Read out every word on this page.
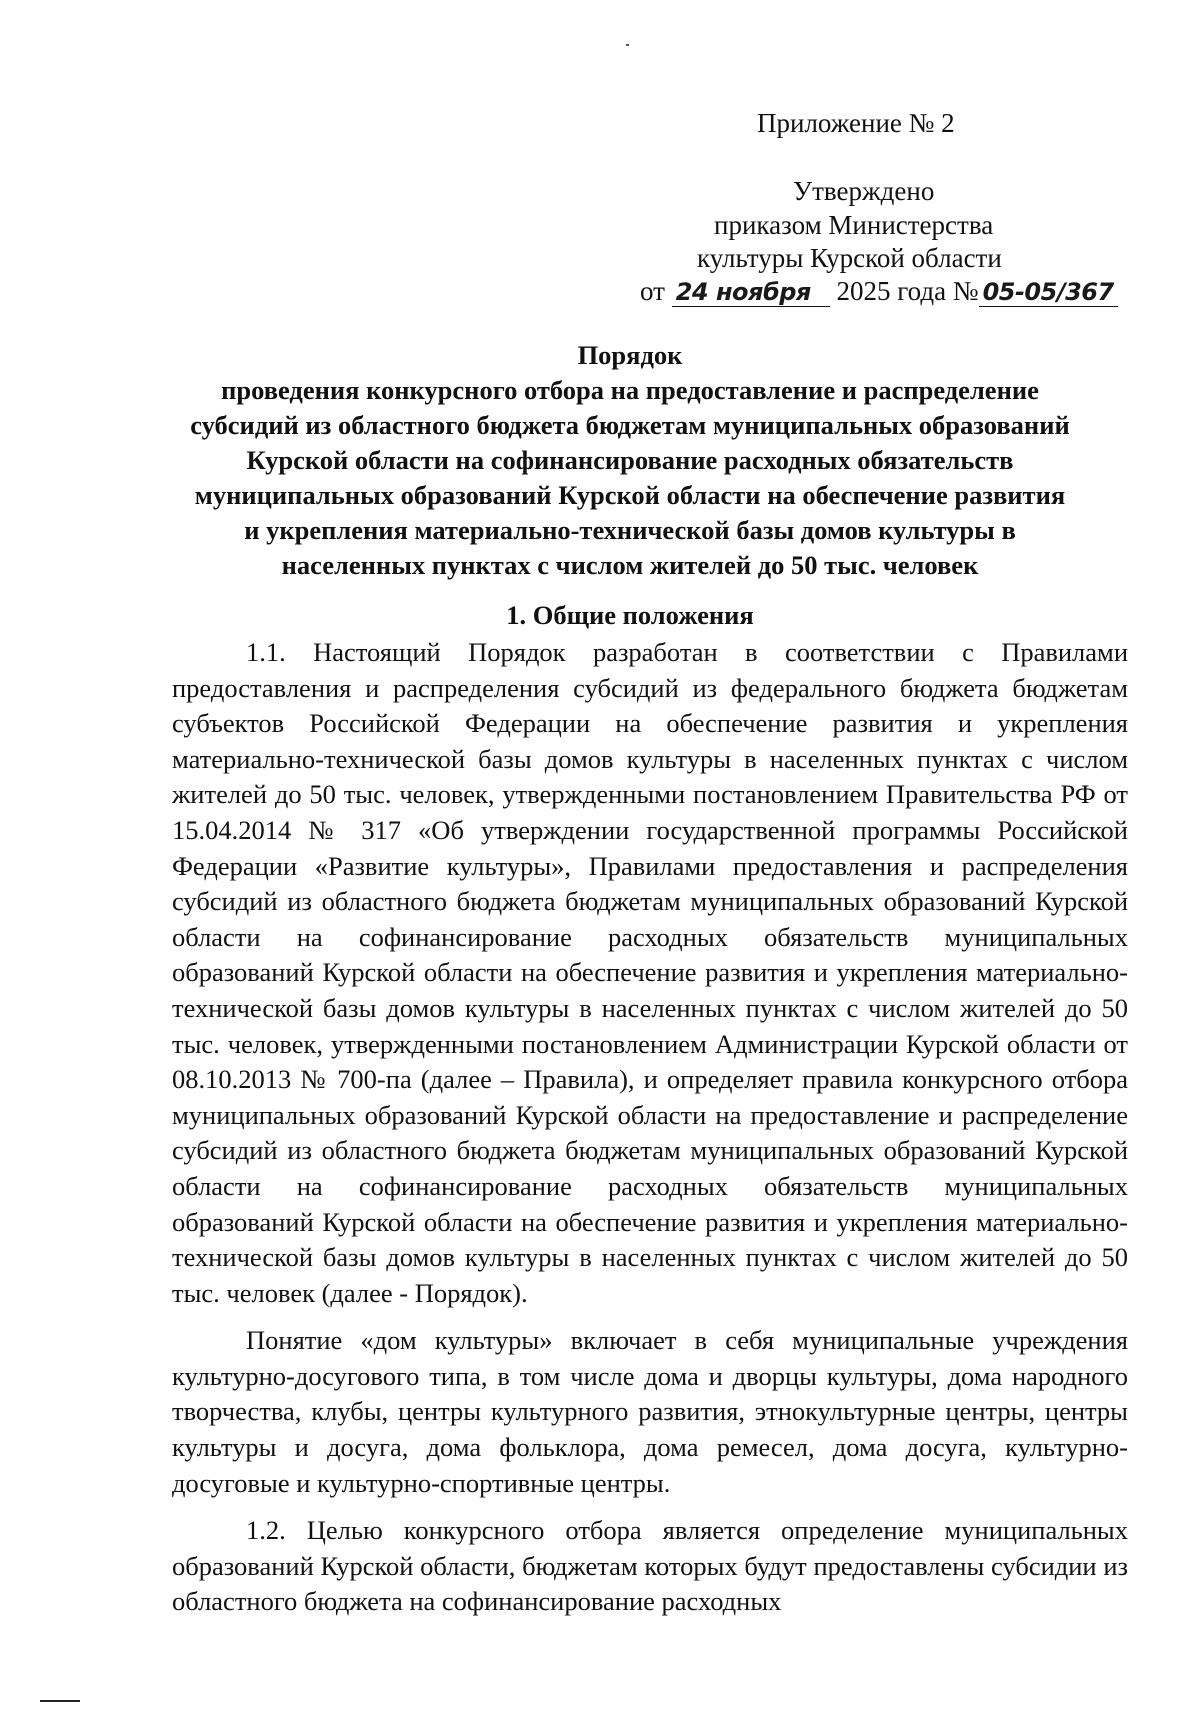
Приложение № 2
Утверждено
приказом Министерства
культуры Курской области
от 24 ноября 2025 года № 05-05/367
Порядок
проведения конкурсного отбора на предоставление и распределение
субсидий из областного бюджета бюджетам муниципальных образований
Курской области на софинансирование расходных обязательств
муниципальных образований Курской области на обеспечение развития
и укрепления материально-технической базы домов культуры в
населенных пунктах с числом жителей до 50 тыс. человек
1. Общие положения

1.1. Настоящий Порядок разработан в соответствии с Правилами предоставления и распределения субсидий из федерального бюджета бюджетам субъектов Российской Федерации на обеспечение развития и укрепления материально-технической базы домов культуры в населенных пунктах с числом жителей до 50 тыс. человек, утвержденными постановлением Правительства РФ от 15.04.2014 № 317 «Об утверждении государственной программы Российской Федерации «Развитие культуры», Правилами предоставления и распределения субсидий из областного бюджета бюджетам муниципальных образований Курской области на софинансирование расходных обязательств муниципальных образований Курской области на обеспечение развития и укрепления материально-технической базы домов культуры в населенных пунктах с числом жителей до 50 тыс. человек, утвержденными постановлением Администрации Курской области от 08.10.2013 № 700-па (далее – Правила), и определяет правила конкурсного отбора муниципальных образований Курской области на предоставление и распределение субсидий из областного бюджета бюджетам муниципальных образований Курской области на софинансирование расходных обязательств муниципальных образований Курской области на обеспечение развития и укрепления материально-технической базы домов культуры в населенных пунктах с числом жителей до 50 тыс. человек (далее - Порядок).

Понятие «дом культуры» включает в себя муниципальные учреждения культурно-досугового типа, в том числе дома и дворцы культуры, дома народного творчества, клубы, центры культурного развития, этнокультурные центры, центры культуры и досуга, дома фольклора, дома ремесел, дома досуга, культурно-досуговые и культурно-спортивные центры.

1.2. Целью конкурсного отбора является определение муниципальных образований Курской области, бюджетам которых будут предоставлены субсидии из областного бюджета на софинансирование расходных
